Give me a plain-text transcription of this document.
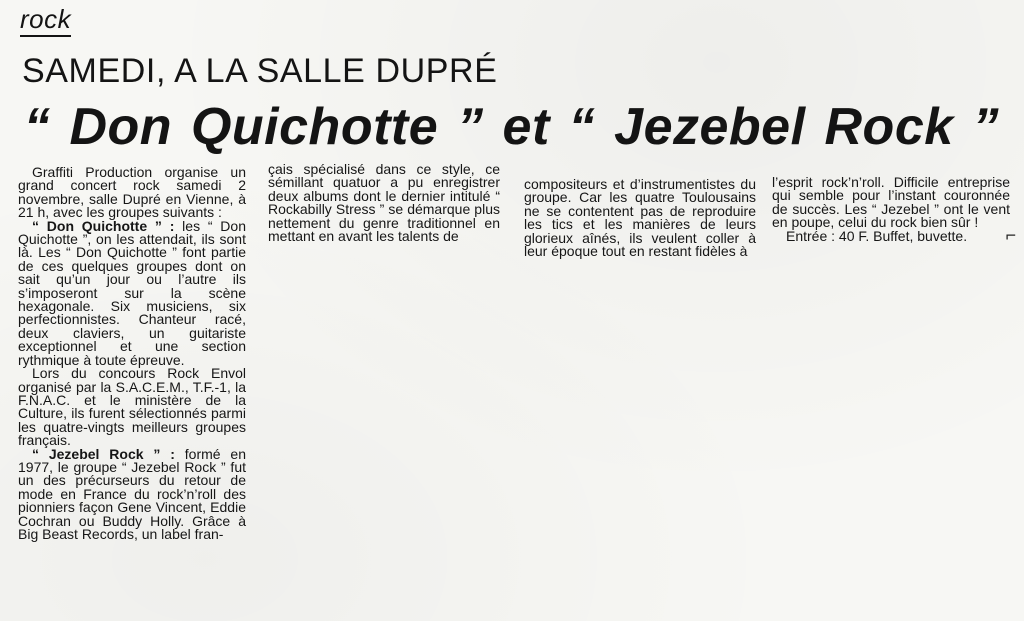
rock
SAMEDI, A LA SALLE DUPRÉ
“ Don Quichotte ” et “ Jezebel Rock ”

Graffiti Production organise un grand concert rock samedi 2 novembre, salle Dupré en Vienne, à 21 h, avec les groupes suivants :

“ Don Quichotte ” : les “ Don Quichotte ”, on les attendait, ils sont là. Les “ Don Quichotte ” font partie de ces quelques groupes dont on sait qu’un jour ou l’autre ils s’imposeront sur la scène hexagonale. Six musiciens, six perfectionnistes. Chanteur racé, deux claviers, un guitariste exceptionnel et une section rythmique à toute épreuve.

Lors du concours Rock Envol organisé par la S.A.C.E.M., T.F.-1, la F.N.A.C. et le ministère de la Culture, ils furent sélectionnés parmi les quatre-vingts meilleurs groupes français.

“ Jezebel Rock ” : formé en 1977, le groupe “ Jezebel Rock ” fut un des précurseurs du retour de mode en France du rock’n’roll des pionniers façon Gene Vincent, Eddie Cochran ou Buddy Holly. Grâce à Big Beast Records, un label fran-

çais spécialisé dans ce style, ce sémillant quatuor a pu enregistrer deux albums dont le dernier intitulé “ Rockabilly Stress ” se démarque plus nettement du genre traditionnel en mettant en avant les talents de

compositeurs et d’instrumentistes du groupe. Car les quatre Toulousains ne se contentent pas de reproduire les tics et les manières de leurs glorieux aînés, ils veulent coller à leur époque tout en restant fidèles à

l’esprit rock’n’roll. Difficile entreprise qui semble pour l’instant couronnée de succès. Les “ Jezebel ” ont le vent en poupe, celui du rock bien sûr !

Entrée : 40 F. Buffet, buvette.	⌐
